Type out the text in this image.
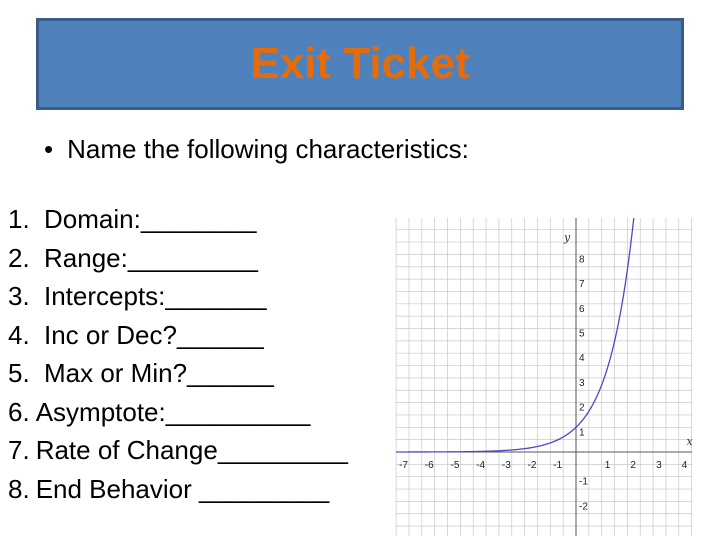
Exit Ticket
• Name the following characteristics:
1. Domain:________
2. Range:_________
3. Intercepts:_______
4. Inc or Dec?______
5. Max or Min?______
6. Asymptote:__________
7. Rate of Change_________
8. End Behavior _________
x
y
-7 -6 -5 -4 -3 -2 -1	1 2 3 4
8
7
6
5
4
3
2
1
-1
-2
